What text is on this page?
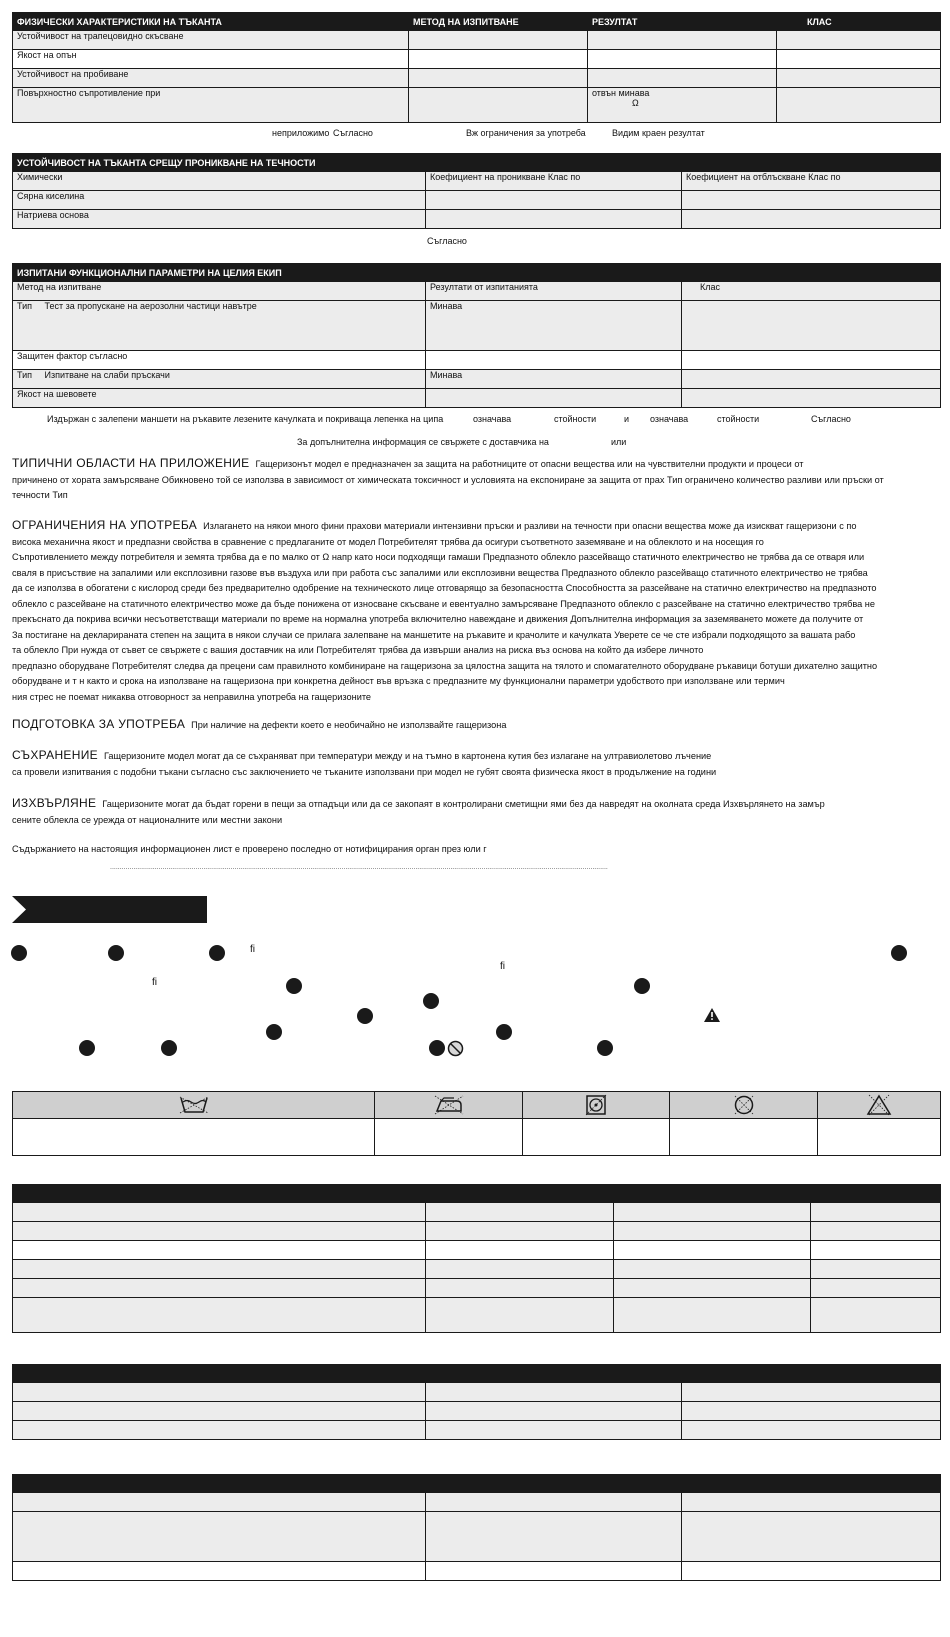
ФИЗИЧЕСКИ ХАРАКТЕРИСТИКИ НА ТЪКАНТА	МЕТОД НА ИЗПИТВАНЕ	РЕЗУЛТАТ	КЛАС
Устойчивост на трапецовидно скъсване			
Якост на опън			
Устойчивост на пробиване			
Повърхностно съпротивление при		отвън минава
Ω	

неприложимо Съгласно	Вж ограничения за употреба	Видим краен резултат
УСТОЙЧИВОСТ НА ТЪКАНТА СРЕЩУ ПРОНИКВАНЕ НА ТЕЧНОСТИ		
Химически	Коефициент на проникване Клас по	Коефициент на отблъскване Клас по
Сярна киселина		
Натриева основа		
Съгласно
ИЗПИТАНИ ФУНКЦИОНАЛНИ ПАРАМЕТРИ НА ЦЕЛИЯ ЕКИП		
Метод на изпитване	Резултати от изпитанията	Клас
Тип Тест за пропускане на аерозолни частици навътре	Минава	
Защитен фактор съгласно		
Тип Изпитване на слаби пръскачи	Минава	
Якост на шевовете		
Издържан с залепени маншети на ръкавите лезените качулката и покриваща лепенка на ципа	означава	стойности	и означава	стойности	Съгласно
За допълнителна информация се свържете с доставчика на	или
ТИПИЧНИ ОБЛАСТИ НА ПРИЛОЖЕНИЕ Гащеризонът модел е предназначен за защита на работниците от опасни вещества или на чувствителни продукти и процеси от
причинено от хората замърсяване Обикновено той се използва в зависимост от химическата токсичност и условията на експониране за защита от прах Тип ограничено количество разливи или пръски от
течности Тип
ОГРАНИЧЕНИЯ НА УПОТРЕБА Излагането на някои много фини прахови материали интензивни пръски и разливи на течности при опасни вещества може да изискват гащеризони с по
висока механична якост и предпазни свойства в сравнение с предлаганите от модел Потребителят трябва да осигури съответното заземяване и на облеклото и на носещия го
Съпротивлението между потребителя и земята трябва да е по малко от Ω напр като носи подходящи гамаши Предпазното облекло разсейващо статичното електричество не трябва да се отваря или
сваля в присъствие на запалими или експлозивни газове във въздуха или при работа със запалими или експлозивни вещества Предпазното облекло разсейващо статичното електричество не трябва
да се използва в обогатени с кислород среди без предварително одобрение на техническото лице отговарящо за безопасността Способността за разсейване на статично електричество на предпазното
облекло с разсейване на статичното електричество може да бъде понижена от износване скъсване и евентуално замърсяване Предпазното облекло с разсейване на статично електричество трябва не
прекъснато да покрива всички несъответстващи материали по време на нормална употреба включително навеждане и движения Допълнителна информация за заземяването можете да получите от
За постигане на декларираната степен на защита в някои случаи се прилага залепване на маншетите на ръкавите и крачолите и качулката Уверете се че сте избрали подходящото за вашата рабо
та облекло При нужда от съвет се свържете с вашия доставчик на или Потребителят трябва да извърши анализ на риска въз основа на който да избере личното
предпазно оборудване Потребителят следва да прецени сам правилното комбиниране на гащеризона за цялостна защита на тялото и спомагателното оборудване ръкавици ботуши дихателно защитно
оборудване и т н както и срока на използване на гащеризона при конкретна дейност във връзка с предпазните му функционални параметри удобството при използване или термич
ния стрес не поемат никаква отговорност за неправилна употреба на гащеризоните
ПОДГОТОВКА ЗА УПОТРЕБА При наличие на дефекти което е необичайно не използвайте гащеризона
СЪХРАНЕНИЕ Гащеризоните модел могат да се съхраняват при температури между и на тъмно в картонена кутия без излагане на ултравиолетово лъчение
са провели изпитвания с подобни тъкани съгласно със заключението че тъканите използвани при модел не губят своята физическа якост в продължение на години
ИЗХВЪРЛЯНЕ Гащеризоните могат да бъдат горени в пещи за отпадъци или да се закопаят в контролирани сметищни ями без да навредят на околната среда Изхвърлянето на замър
сените облекла се урежда от националните или местни закони
Съдържанието на настоящия информационен лист е проверено последно от нотифицирания орган през юли г
................................................................................................................................................................................................................................................................
ﬁ
ﬁ
ﬁ
